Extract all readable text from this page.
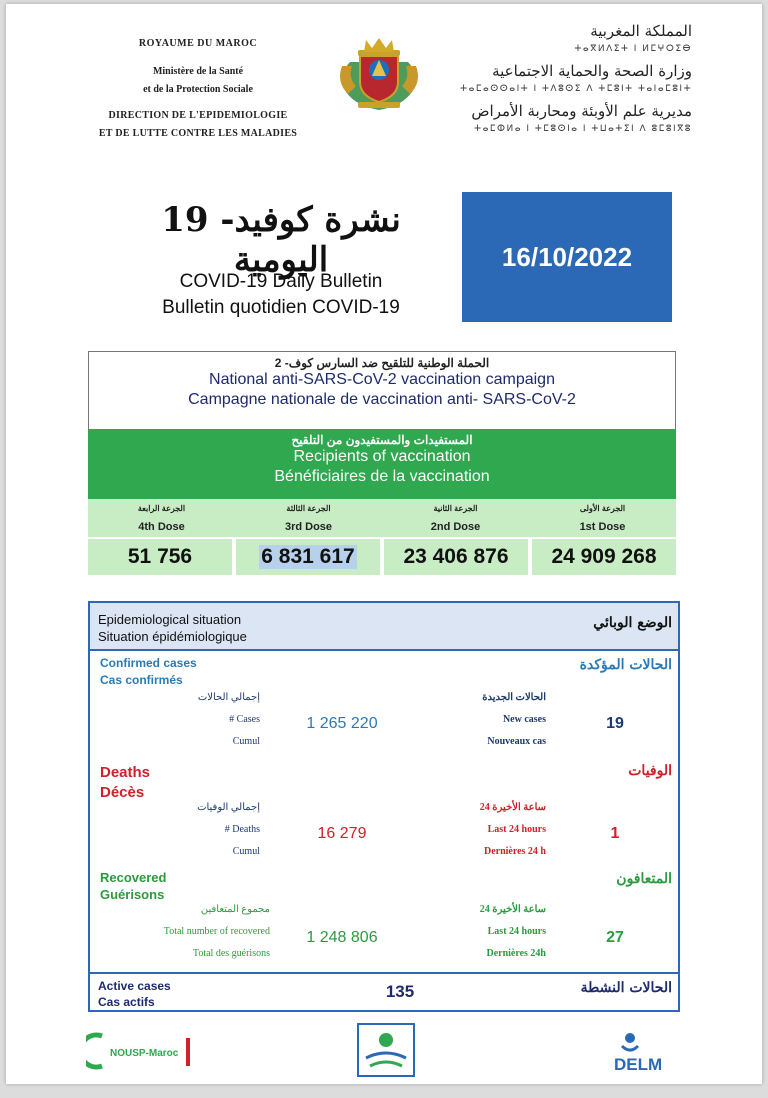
ROYAUME DU MAROC
Ministère de la Santé
et de la Protection Sociale
DIRECTION DE L'EPIDEMIOLOGIE
ET DE LUTTE CONTRE LES MALADIES
المملكة المغربية
ⵜⴰⴳⵍⴷⵉⵜ ⵏ ⵍⵎⵖⵔⵉⴱ
وزارة الصحة والحماية الاجتماعية
ⵜⴰⵎⴰⵙⵙⴰⵏⵜ ⵏ ⵜⴷⵓⵙⵉ ⴷ ⵜⵎⵓⵏⵜ ⵜⴰⵏⴰⵎⵓⵏⵜ
مديرية علم الأوبئة ومحاربة الأمراض
ⵜⴰⵎⵀⵍⴰ ⵏ ⵜⵎⵓⵙⵏⴰ ⵏ ⵜⵡⴰⵜⵉⵏ ⴷ ⵓⵎⵓⵏⴳⵓ
نشرة كوفيد- 19 اليومية
COVID-19 Daily Bulletin
Bulletin quotidien COVID-19
16/10/2022
الحملة الوطنية للتلقيح ضد السارس كوف- 2
National anti-SARS-CoV-2 vaccination campaign
Campagne nationale de vaccination anti- SARS-CoV-2
المستفيدات والمستفيدون من التلقيح
Recipients of vaccination
Bénéficiaires de la vaccination
الجرعة الرابعة
4th Dose
الجرعة الثالثة
3rd Dose
الجرعة الثانية
2nd Dose
الجرعة الأولى
1st Dose
51 756	6 831 617 23 406 876 24 909 268
Epidemiological situation
Situation épidémiologique
الوضع الوبائي
Confirmed cases
Cas confirmés
الحالات المؤكدة
إجمالي الحالات
# Cases
Cumul
1 265 220
الحالات الجديدة
New cases
Nouveaux cas
19
Deaths
Décès
الوفيات
إجمالي الوفيات
# Deaths
Cumul
16 279
24 ساعة الأخيرة
Last 24 hours
Dernières 24 h
1
Recovered
Guérisons
المتعافون
مجموع المتعافين
Total number of recovered
Total des guérisons
1 248 806
24 ساعة الأخيرة
Last 24 hours
Dernières 24h
27
Active cases
Cas actifs
135	الحالات النشطة
NOUSP-Maroc
DELM
